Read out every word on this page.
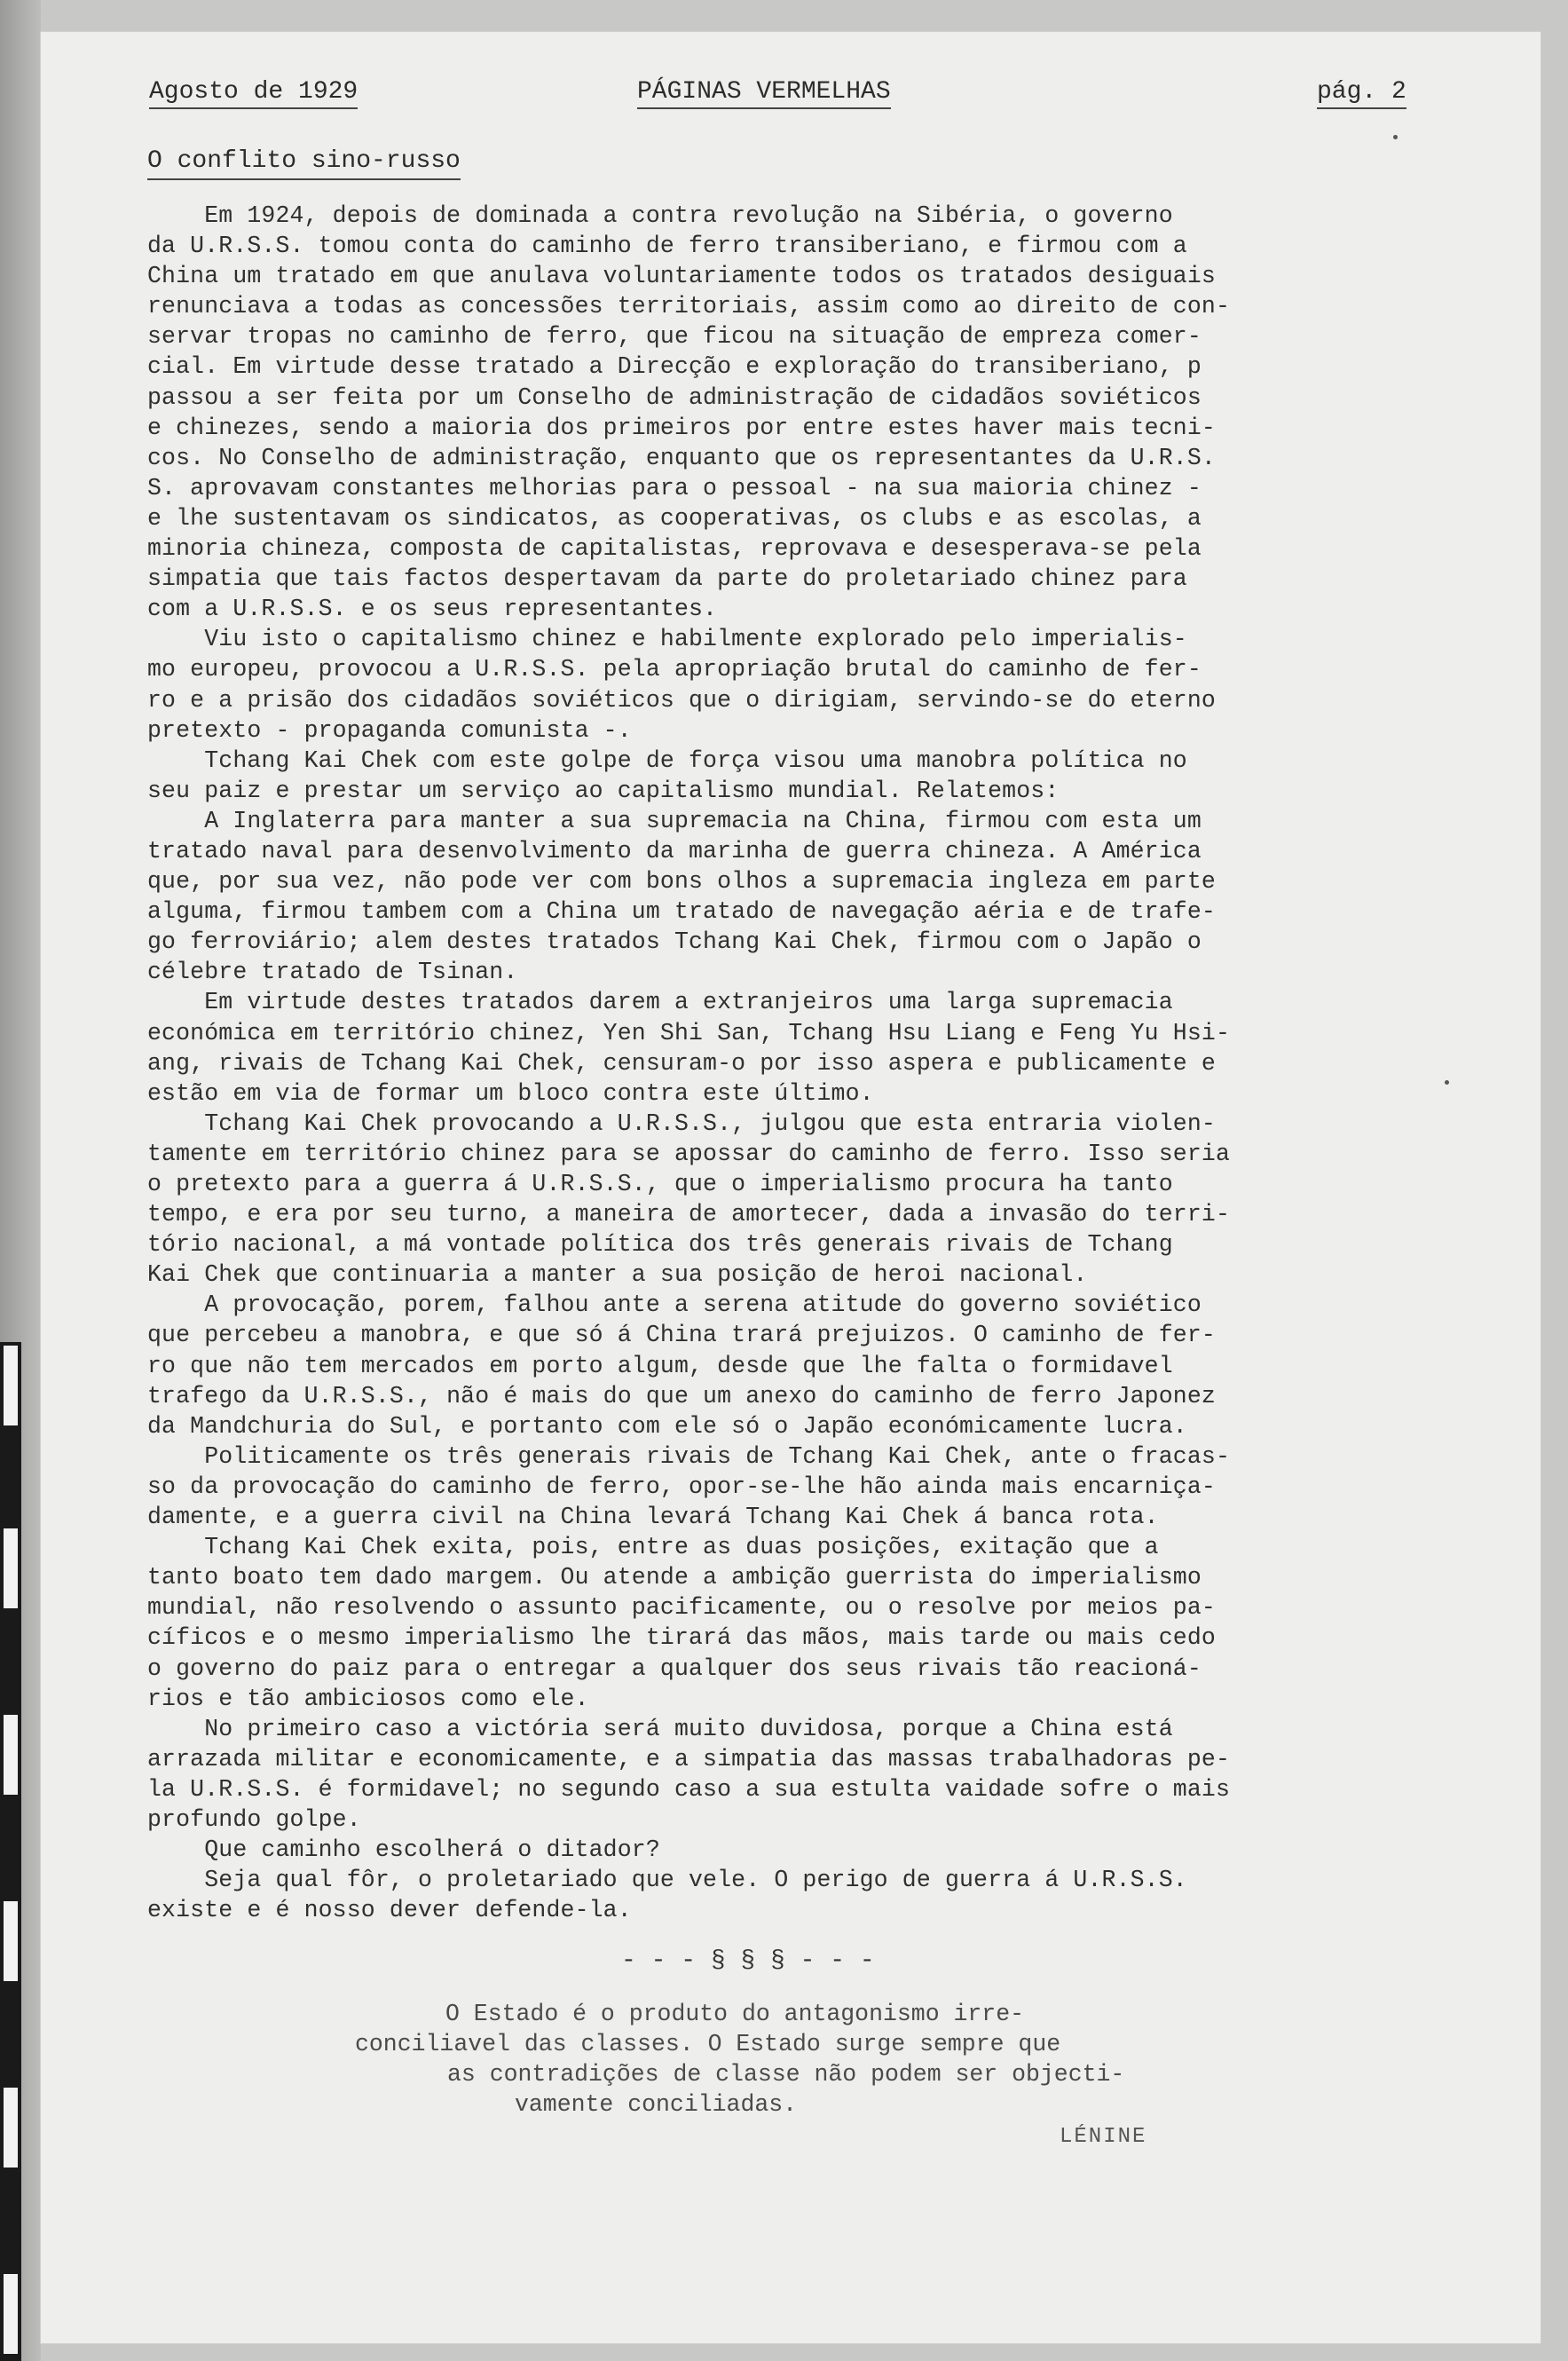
Agosto de 1929	PÁGINAS VERMELHAS	pág. 2
O conflito sino-russo
Em 1924, depois de dominada a contra revolução na Sibéria, o governo
da U.R.S.S. tomou conta do caminho de ferro transiberiano, e firmou com a
China um tratado em que anulava voluntariamente todos os tratados desiguais
renunciava a todas as concessões territoriais, assim como ao direito de con-
servar tropas no caminho de ferro, que ficou na situação de empreza comer-
cial. Em virtude desse tratado a Direcção e exploração do transiberiano, p
passou a ser feita por um Conselho de administração de cidadãos soviéticos
e chinezes, sendo a maioria dos primeiros por entre estes haver mais tecni-
cos. No Conselho de administração, enquanto que os representantes da U.R.S.
S. aprovavam constantes melhorias para o pessoal - na sua maioria chinez -
e lhe sustentavam os sindicatos, as cooperativas, os clubs e as escolas, a
minoria chineza, composta de capitalistas, reprovava e desesperava-se pela
simpatia que tais factos despertavam da parte do proletariado chinez para
com a U.R.S.S. e os seus representantes.
Viu isto o capitalismo chinez e habilmente explorado pelo imperialis-
mo europeu, provocou a U.R.S.S. pela apropriação brutal do caminho de fer-
ro e a prisão dos cidadãos soviéticos que o dirigiam, servindo-se do eterno
pretexto - propaganda comunista -.
Tchang Kai Chek com este golpe de força visou uma manobra política no
seu paiz e prestar um serviço ao capitalismo mundial. Relatemos:
A Inglaterra para manter a sua supremacia na China, firmou com esta um
tratado naval para desenvolvimento da marinha de guerra chineza. A América
que, por sua vez, não pode ver com bons olhos a supremacia ingleza em parte
alguma, firmou tambem com a China um tratado de navegação aéria e de trafe-
go ferroviário; alem destes tratados Tchang Kai Chek, firmou com o Japão o
célebre tratado de Tsinan.
Em virtude destes tratados darem a extranjeiros uma larga supremacia
económica em território chinez, Yen Shi San, Tchang Hsu Liang e Feng Yu Hsi-
ang, rivais de Tchang Kai Chek, censuram-o por isso aspera e publicamente e
estão em via de formar um bloco contra este último.
Tchang Kai Chek provocando a U.R.S.S., julgou que esta entraria violen-
tamente em território chinez para se apossar do caminho de ferro. Isso seria
o pretexto para a guerra á U.R.S.S., que o imperialismo procura ha tanto
tempo, e era por seu turno, a maneira de amortecer, dada a invasão do terri-
tório nacional, a má vontade política dos três generais rivais de Tchang
Kai Chek que continuaria a manter a sua posição de heroi nacional.
A provocação, porem, falhou ante a serena atitude do governo soviético
que percebeu a manobra, e que só á China trará prejuizos. O caminho de fer-
ro que não tem mercados em porto algum, desde que lhe falta o formidavel
trafego da U.R.S.S., não é mais do que um anexo do caminho de ferro Japonez
da Mandchuria do Sul, e portanto com ele só o Japão económicamente lucra.
Politicamente os três generais rivais de Tchang Kai Chek, ante o fracas-
so da provocação do caminho de ferro, opor-se-lhe hão ainda mais encarniça-
damente, e a guerra civil na China levará Tchang Kai Chek á banca rota.
Tchang Kai Chek exita, pois, entre as duas posições, exitação que a
tanto boato tem dado margem. Ou atende a ambição guerrista do imperialismo
mundial, não resolvendo o assunto pacificamente, ou o resolve por meios pa-
cíficos e o mesmo imperialismo lhe tirará das mãos, mais tarde ou mais cedo
o governo do paiz para o entregar a qualquer dos seus rivais tão reacioná-
rios e tão ambiciosos como ele.
No primeiro caso a victória será muito duvidosa, porque a China está
arrazada militar e economicamente, e a simpatia das massas trabalhadoras pe-
la U.R.S.S. é formidavel; no segundo caso a sua estulta vaidade sofre o mais
profundo golpe.
Que caminho escolherá o ditador?
Seja qual fôr, o proletariado que vele. O perigo de guerra á U.R.S.S.
existe e é nosso dever defende-la.
- - - § § § - - -
O Estado é o produto do antagonismo irre-
conciliavel das classes. O Estado surge sempre que
as contradições de classe não podem ser objecti-
vamente conciliadas.
LÉNINE
